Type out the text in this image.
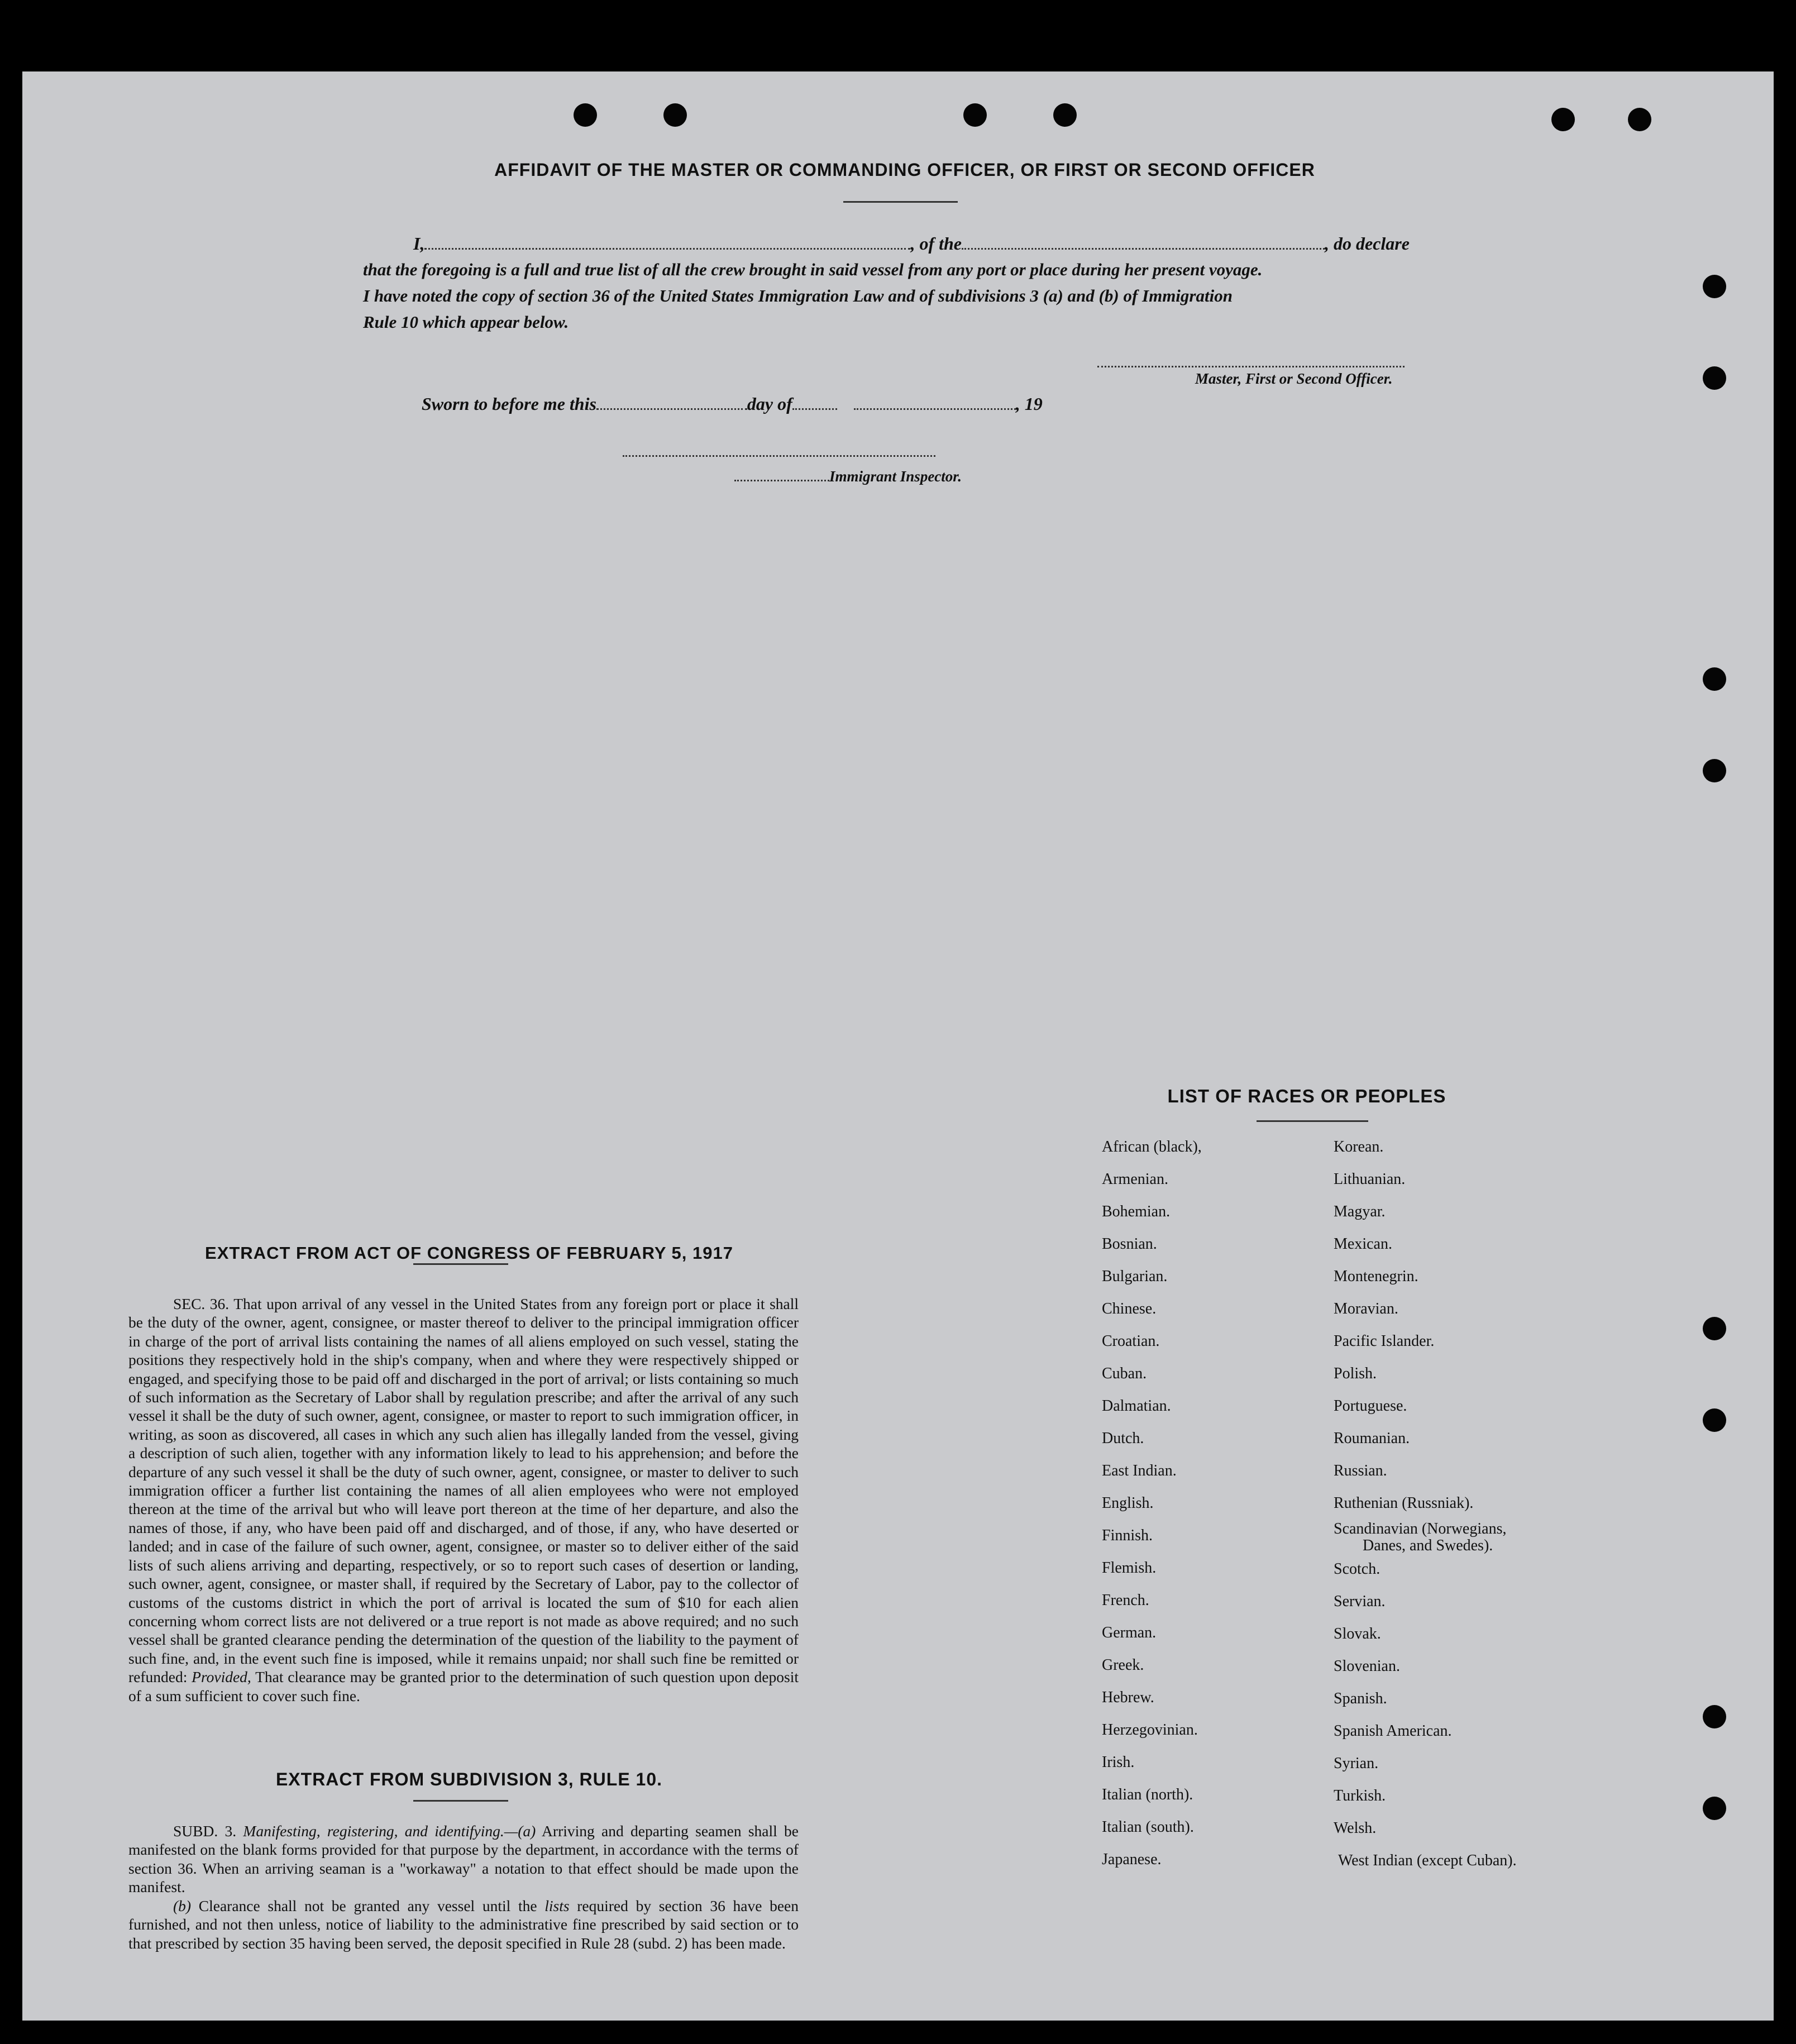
AFFIDAVIT OF THE MASTER OR COMMANDING OFFICER, OR FIRST OR SECOND OFFICER
I,	, of the	, do declare
that the foregoing is a full and true list of all the crew brought in said vessel from any port or place during her present voyage.
I have noted the copy of section 36 of the United States Immigration Law and of subdivisions 3 (a) and (b) of Immigration
Rule 10 which appear below.
Master, First or Second Officer.
Sworn to before me this	day of	, 19
Immigrant Inspector.
EXTRACT FROM ACT OF CONGRESS OF FEBRUARY 5, 1917
SEC. 36. That upon arrival of any vessel in the United States from any foreign port or place it shall be the duty of the owner, agent, consignee, or master thereof to deliver to the principal immigration officer in charge of the port of arrival lists containing the names of all aliens employed on such vessel, stating the positions they respectively hold in the ship's company, when and where they were respectively shipped or engaged, and specifying those to be paid off and discharged in the port of arrival; or lists containing so much of such information as the Secretary of Labor shall by regulation prescribe; and after the arrival of any such vessel it shall be the duty of such owner, agent, consignee, or master to report to such immigration officer, in writing, as soon as discovered, all cases in which any such alien has illegally landed from the vessel, giving a description of such alien, together with any information likely to lead to his apprehension; and before the departure of any such vessel it shall be the duty of such owner, agent, consignee, or master to deliver to such immigration officer a further list containing the names of all alien employees who were not employed thereon at the time of the arrival but who will leave port thereon at the time of her departure, and also the names of those, if any, who have been paid off and discharged, and of those, if any, who have deserted or landed; and in case of the failure of such owner, agent, consignee, or master so to deliver either of the said lists of such aliens arriving and departing, respectively, or so to report such cases of desertion or landing, such owner, agent, consignee, or master shall, if required by the Secretary of Labor, pay to the collector of customs of the customs district in which the port of arrival is located the sum of $10 for each alien concerning whom correct lists are not delivered or a true report is not made as above required; and no such vessel shall be granted clearance pending the determination of the question of the liability to the payment of such fine, and, in the event such fine is imposed, while it remains unpaid; nor shall such fine be remitted or refunded: Provided, That clearance may be granted prior to the determination of such question upon deposit of a sum sufficient to cover such fine.
EXTRACT FROM SUBDIVISION 3, RULE 10.
SUBD. 3. Manifesting, registering, and identifying.—(a) Arriving and departing seamen shall be manifested on the blank forms provided for that purpose by the department, in accordance with the terms of section 36. When an arriving seaman is a "workaway" a notation to that effect should be made upon the manifest.
(b) Clearance shall not be granted any vessel until the lists required by section 36 have been furnished, and not then unless, notice of liability to the administrative fine prescribed by said section or to that prescribed by section 35 having been served, the deposit specified in Rule 28 (subd. 2) has been made.
LIST OF RACES OR PEOPLES
African (black),
Armenian.
Bohemian.
Bosnian.
Bulgarian.
Chinese.
Croatian.
Cuban.
Dalmatian.
Dutch.
East Indian.
English.
Finnish.
Flemish.
French.
German.
Greek.
Hebrew.
Herzegovinian.
Irish.
Italian (north).
Italian (south).
Japanese.
Korean.
Lithuanian.
Magyar.
Mexican.
Montenegrin.
Moravian.
Pacific Islander.
Polish.
Portuguese.
Roumanian.
Russian.
Ruthenian (Russniak).
Scandinavian (Norwegians,
Danes, and Swedes).
Scotch.
Servian.
Slovak.
Slovenian.
Spanish.
Spanish American.
Syrian.
Turkish.
Welsh.
West Indian (except Cuban).
